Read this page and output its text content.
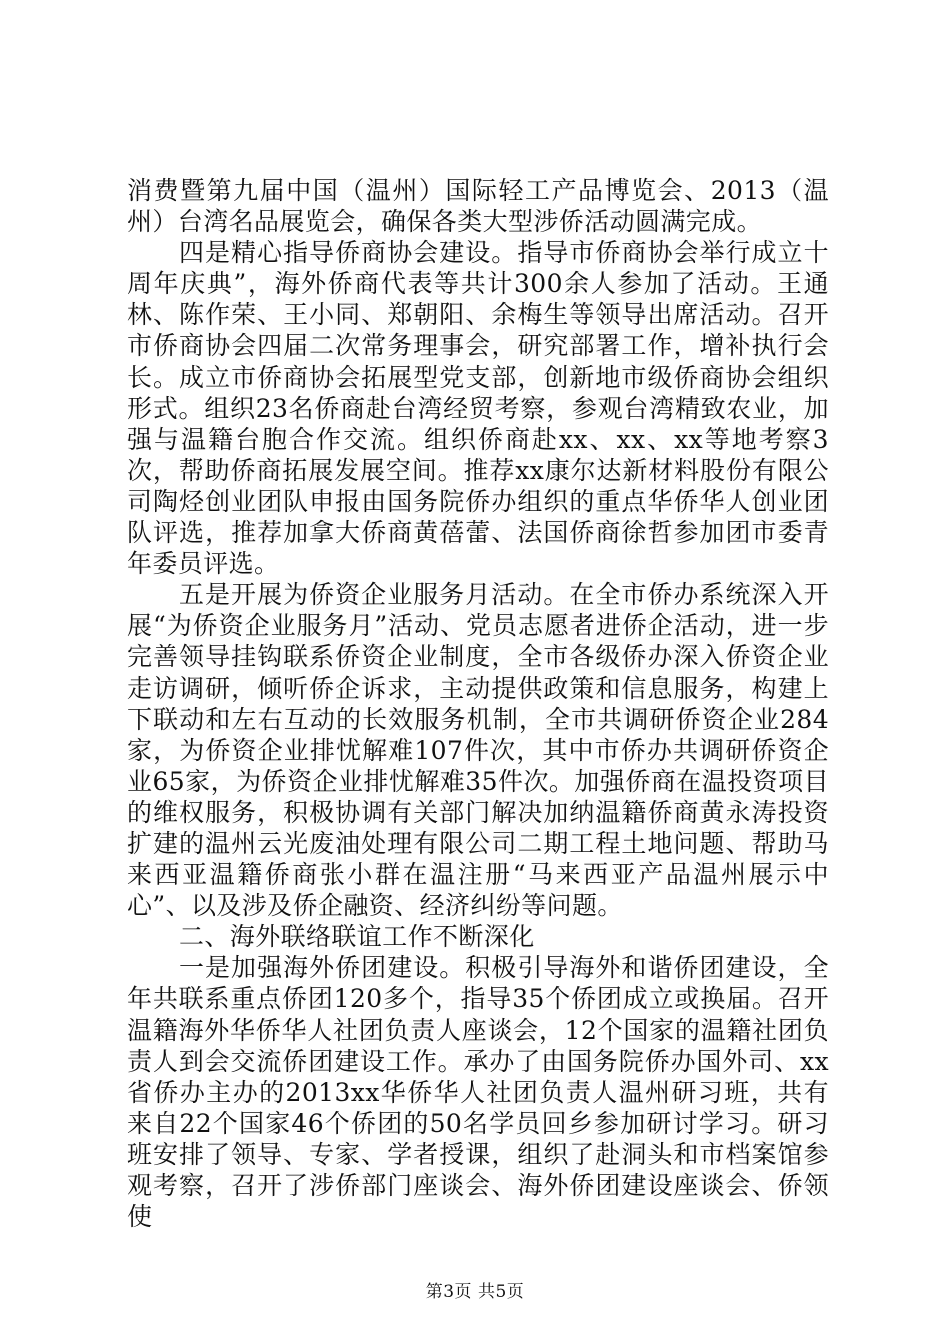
消费暨第九届中国（温州）国际轻工产品博览会、2013（温州）台湾名品展览会，确保各类大型涉侨活动圆满完成。

四是精心指导侨商协会建设。指导市侨商协会举行成立十周年庆典”，海外侨商代表等共计300余人参加了活动。王通林、陈作荣、王小同、郑朝阳、余梅生等领导出席活动。召开市侨商协会四届二次常务理事会，研究部署工作，增补执行会长。成立市侨商协会拓展型党支部，创新地市级侨商协会组织形式。组织23名侨商赴台湾经贸考察，参观台湾精致农业，加强与温籍台胞合作交流。组织侨商赴xx、xx、xx等地考察3次，帮助侨商拓展发展空间。推荐xx康尔达新材料股份有限公司陶烃创业团队申报由国务院侨办组织的重点华侨华人创业团队评选，推荐加拿大侨商黄蓓蕾、法国侨商徐哲参加团市委青年委员评选。

五是开展为侨资企业服务月活动。在全市侨办系统深入开展“为侨资企业服务月”活动、党员志愿者进侨企活动，进一步完善领导挂钩联系侨资企业制度，全市各级侨办深入侨资企业走访调研，倾听侨企诉求，主动提供政策和信息服务，构建上下联动和左右互动的长效服务机制，全市共调研侨资企业284家，为侨资企业排忧解难107件次，其中市侨办共调研侨资企业65家，为侨资企业排忧解难35件次。加强侨商在温投资项目的维权服务，积极协调有关部门解决加纳温籍侨商黄永涛投资扩建的温州云光废油处理有限公司二期工程土地问题、帮助马来西亚温籍侨商张小群在温注册“马来西亚产品温州展示中心”、以及涉及侨企融资、经济纠纷等问题。

二、海外联络联谊工作不断深化

一是加强海外侨团建设。积极引导海外和谐侨团建设，全年共联系重点侨团120多个，指导35个侨团成立或换届。召开温籍海外华侨华人社团负责人座谈会，12个国家的温籍社团负责人到会交流侨团建设工作。承办了由国务院侨办国外司、xx省侨办主办的2013xx华侨华人社团负责人温州研习班，共有来自22个国家46个侨团的50名学员回乡参加研讨学习。研习班安排了领导、专家、学者授课，组织了赴洞头和市档案馆参观考察，召开了涉侨部门座谈会、海外侨团建设座谈会、侨领使

第3页 共5页
